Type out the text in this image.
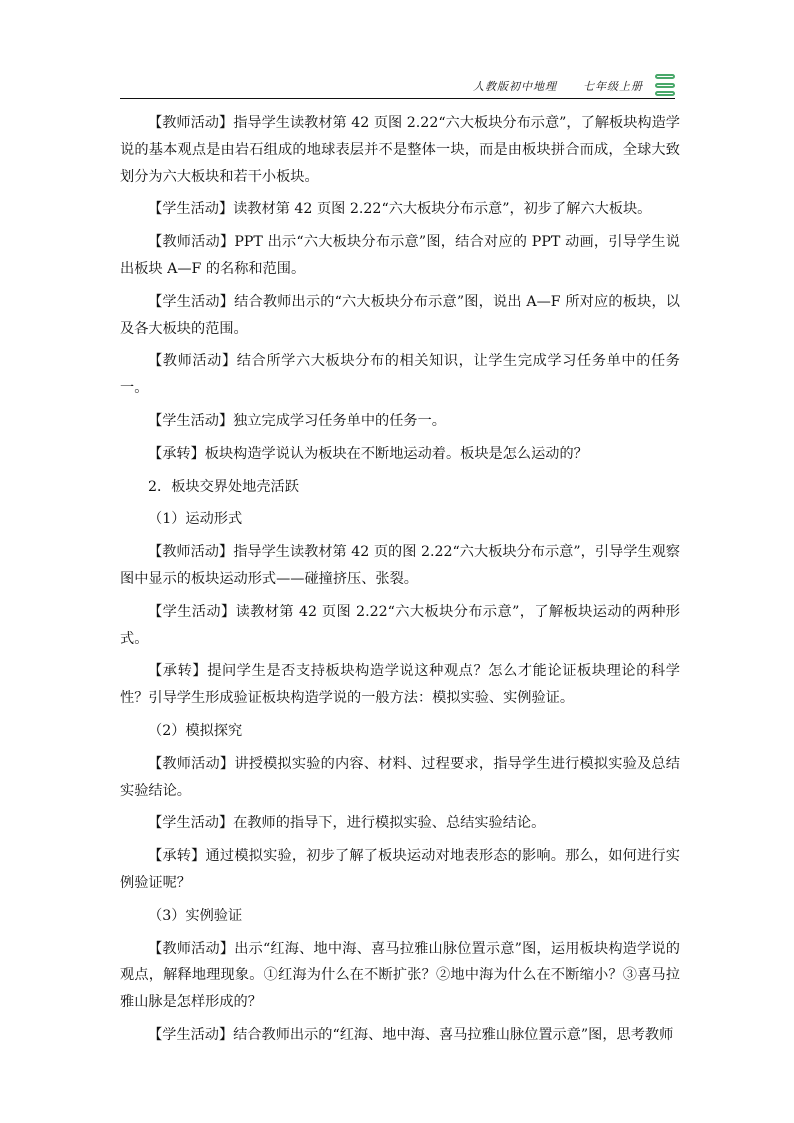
人教版初中地理 七年级上册

【教师活动】指导学生读教材第 42 页图 2.22“六大板块分布示意”，了解板块构造学说的基本观点是由岩石组成的地球表层并不是整体一块，而是由板块拼合而成，全球大致划分为六大板块和若干小板块。

【学生活动】读教材第 42 页图 2.22“六大板块分布示意”，初步了解六大板块。

【教师活动】PPT 出示“六大板块分布示意”图，结合对应的 PPT 动画，引导学生说出板块 A—F 的名称和范围。

【学生活动】结合教师出示的“六大板块分布示意”图，说出 A—F 所对应的板块，以及各大板块的范围。

【教师活动】结合所学六大板块分布的相关知识，让学生完成学习任务单中的任务一。

【学生活动】独立完成学习任务单中的任务一。

【承转】板块构造学说认为板块在不断地运动着。板块是怎么运动的？

2．板块交界处地壳活跃

（1）运动形式

【教师活动】指导学生读教材第 42 页的图 2.22“六大板块分布示意”，引导学生观察图中显示的板块运动形式——碰撞挤压、张裂。

【学生活动】读教材第 42 页图 2.22“六大板块分布示意”，了解板块运动的两种形式。

【承转】提问学生是否支持板块构造学说这种观点？怎么才能论证板块理论的科学性？引导学生形成验证板块构造学说的一般方法：模拟实验、实例验证。

（2）模拟探究

【教师活动】讲授模拟实验的内容、材料、过程要求，指导学生进行模拟实验及总结实验结论。

【学生活动】在教师的指导下，进行模拟实验、总结实验结论。

【承转】通过模拟实验，初步了解了板块运动对地表形态的影响。那么，如何进行实例验证呢？

（3）实例验证

【教师活动】出示“红海、地中海、喜马拉雅山脉位置示意”图，运用板块构造学说的观点，解释地理现象。①红海为什么在不断扩张？②地中海为什么在不断缩小？③喜马拉雅山脉是怎样形成的？

【学生活动】结合教师出示的“红海、地中海、喜马拉雅山脉位置示意”图，思考教师
